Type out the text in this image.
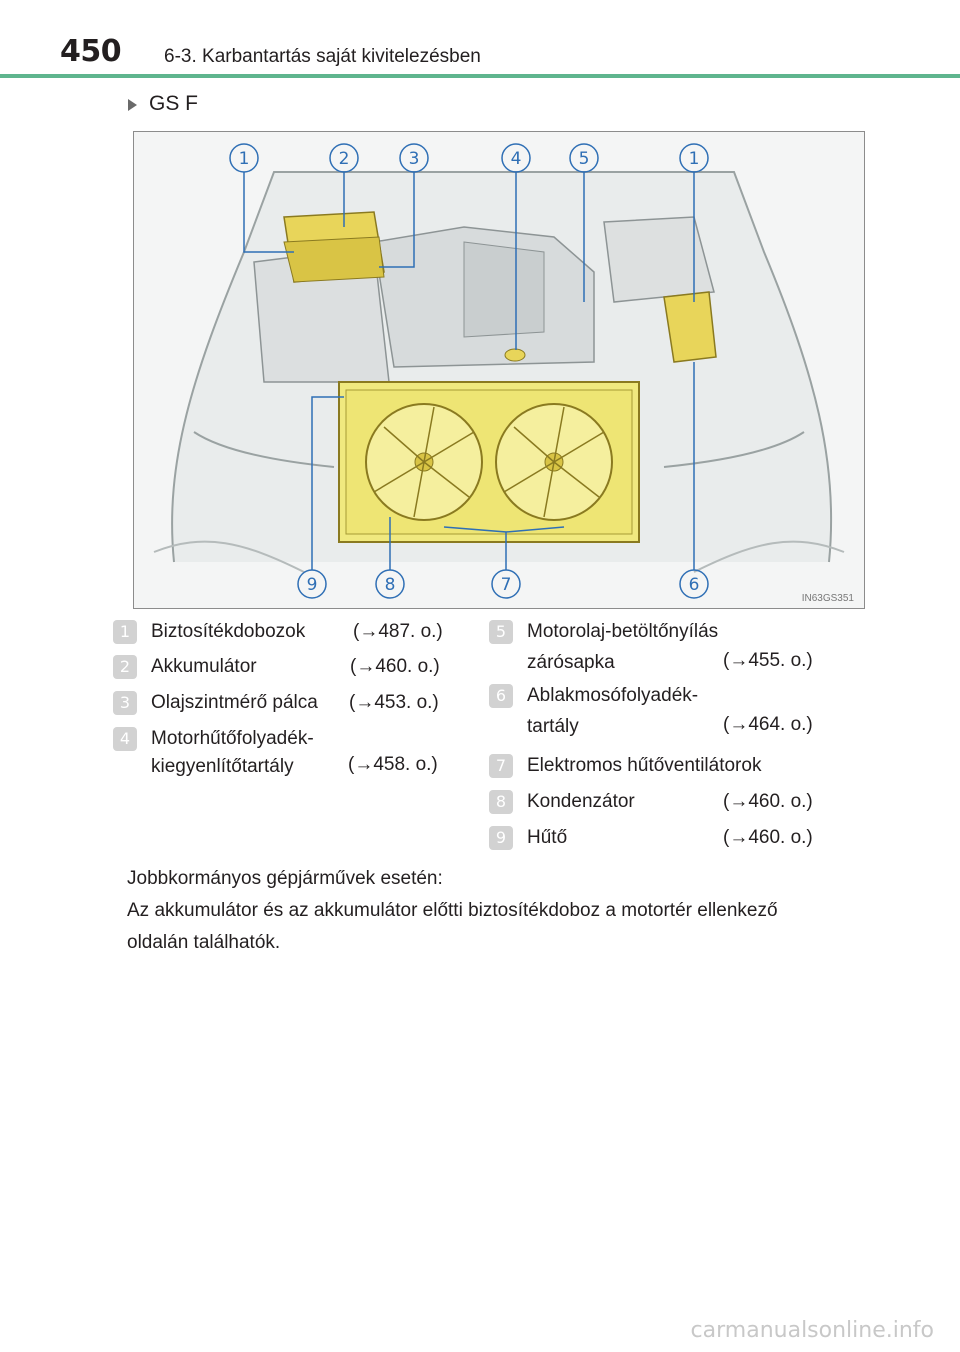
450 6-3. Karbantartás saját kivitelezésben
GS F
1	2	3	4	5	1
9	8	7	6
IN63GS351
1	Biztosítékdobozok	(→487. o.)
2	Akkumulátor	(→460. o.)
3	Olajszintmérő pálca (→453. o.)
4	Motorhűtőfolyadék-
kiegyenlítőtartály	(→458. o.)
5	Motorolaj-betöltőnyílás
zárósapka	(→455. o.)
6	Ablakmosófolyadék-
tartály	(→464. o.)
7	Elektromos hűtőventilátorok
8	Kondenzátor	(→460. o.)
9	Hűtő	(→460. o.)
Jobbkormányos gépjárművek esetén:
Az akkumulátor és az akkumulátor előtti biztosítékdoboz a motortér ellenkező
oldalán találhatók.
carmanualsonline.info
